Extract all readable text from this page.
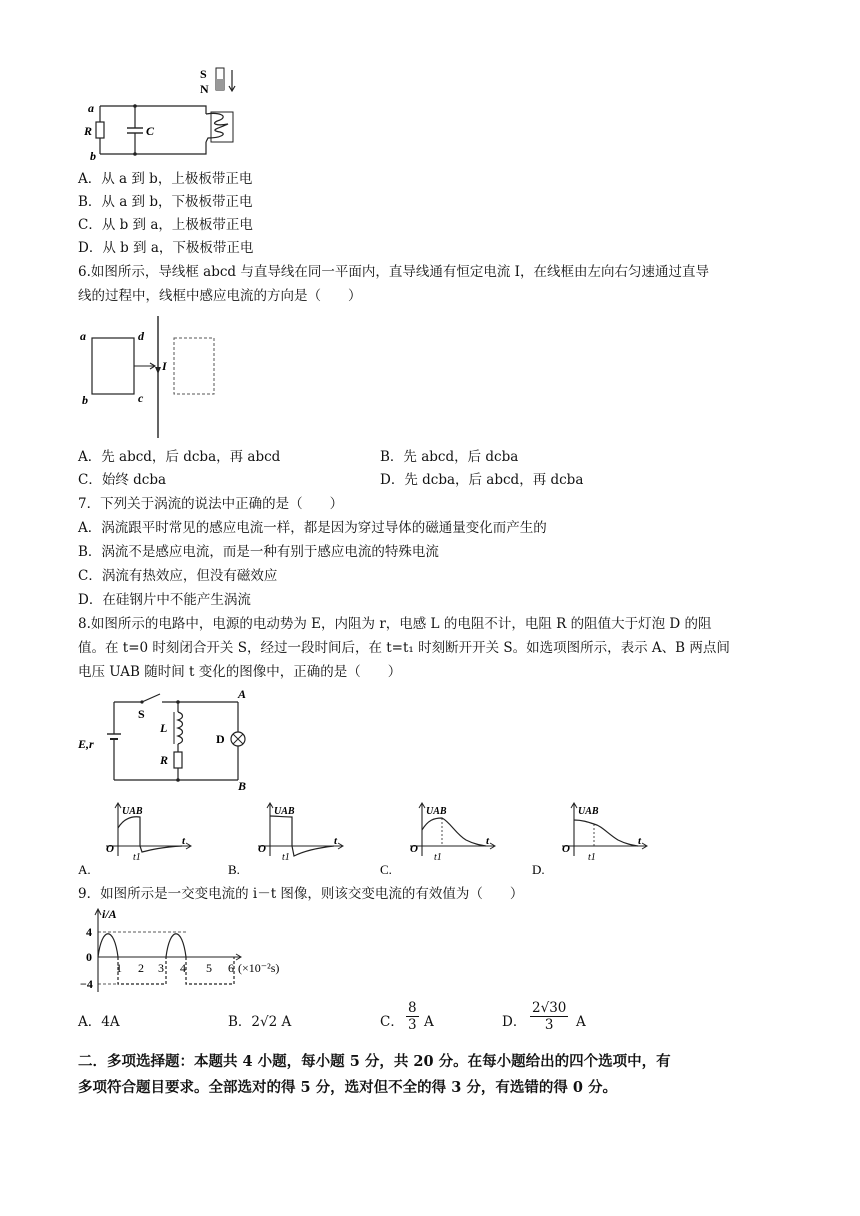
S
N
a
R	C
b
A．从 a 到 b，上极板带正电
B．从 a 到 b，下极板带正电
C．从 b 到 a，上极板带正电
D．从 b 到 a，下极板带正电
6.如图所示，导线框 abcd 与直导线在同一平面内，直导线通有恒定电流 I，在线框由左向右匀速通过直导
线的过程中，线框中感应电流的方向是（　　）
a	d
b	c
I
A．先 abcd，后 dcba，再 abcd	B．先 abcd，后 dcba
C．始终 dcba	D．先 dcba，后 abcd，再 dcba
7．下列关于涡流的说法中正确的是（　　）
A．涡流跟平时常见的感应电流一样，都是因为穿过导体的磁通量变化而产生的
B．涡流不是感应电流，而是一种有别于感应电流的特殊电流
C．涡流有热效应，但没有磁效应
D．在硅钢片中不能产生涡流
8.如图所示的电路中，电源的电动势为 E，内阻为 r，电感 L 的电阻不计，电阻 R 的阻值大于灯泡 D 的阻
值。在 t=0 时刻闭合开关 S，经过一段时间后，在 t=t₁ 时刻断开开关 S。如选项图所示，表示 A、B 两点间
电压 UAB 随时间 t 变化的图像中，正确的是（　　）
S
L
R
D
E,r
A
B
A.
UAB
O
t1
t
B.
UAB
O
t1
t
C.
UAB
O
t1
t
D.
UAB
O
t1
t
9．如图所示是一交变电流的 i－t 图像，则该交变电流的有效值为（　　）
i/A
4
0
−4
1 2 3 4 5 6 (×10⁻²s)
A．4A	B．2√2 A	C． $\frac{8}{3}$ A	D． $\frac{2√30}{3}$ A
二．多项选择题：本题共 4 小题，每小题 5 分，共 20 分。在每小题给出的四个选项中，有
多项符合题目要求。全部选对的得 5 分，选对但不全的得 3 分，有选错的得 0 分。
